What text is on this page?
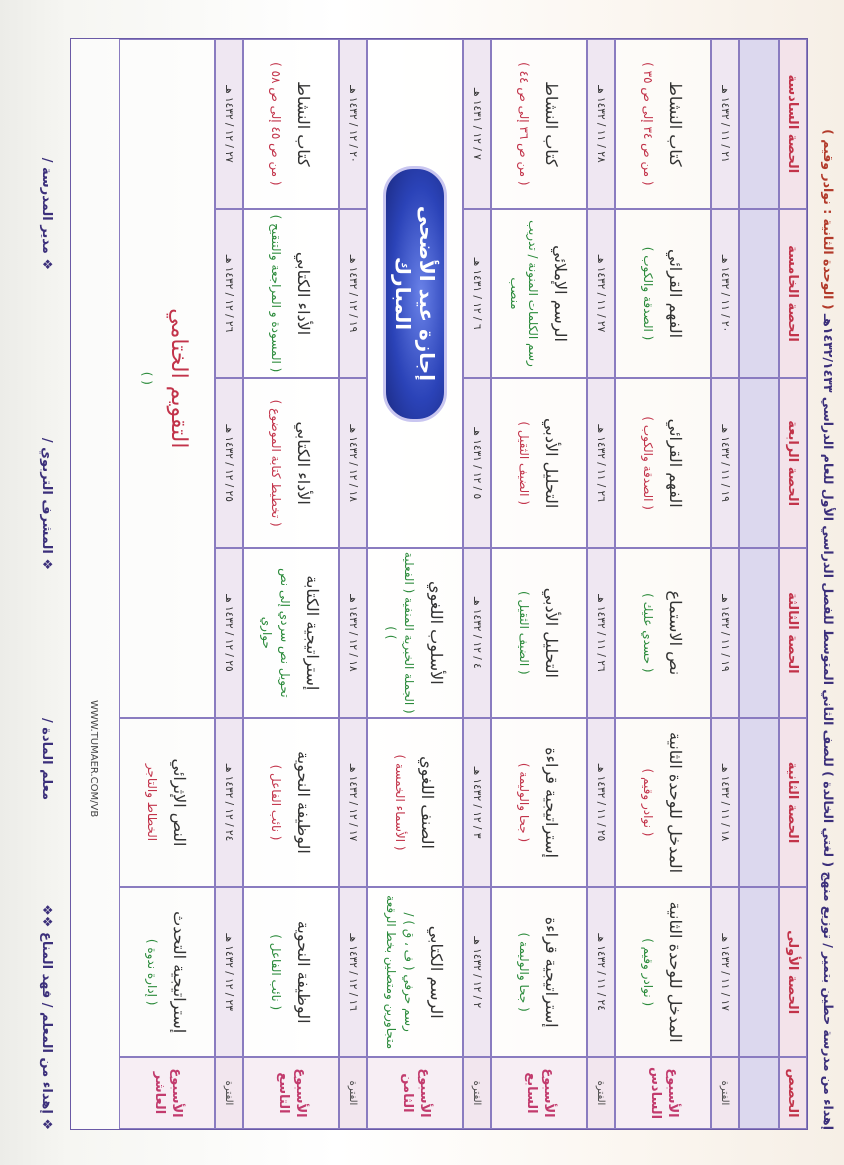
إهداء من مدرسة حطين بتمير / توزيع منهج ( لغتي الخالدة ) للصف الثاني المتوسط للفصل الدراسي الأول للعام الدراسي ١٤٣٢/١٤٣٣هـ ( الوحدة الثانية : نوادر وقيم )
الحصص
الحصة الأولى
الحصة الثانية
الحصة الثالثة
الحصة الرابعة
الحصة الخامسة
الحصة السادسة
الفترة
١٧ / ١١ / ١٤٣٢ هـ
١٨ / ١١ / ١٤٣٢ هـ
١٩ / ١١ / ١٤٣٢ هـ
١٩ / ١١ / ١٤٣٢ هـ
٢٠ / ١١ / ١٤٣٢ هـ
٢١ / ١١ / ١٤٣٢ هـ
الأسبوع السادس
المدخل للوحدة الثانية
( نوادر وقيم )
المدخل للوحدة الثانية
( نوادر وقيم )
نص الاستماع
( حسدي عليك )
الفهم القرائي
( الصدقة والكوب )
الفهم القرائي
( الصدقة والكوب )
كتاب النشاط
( من ص ٣٤ إلى ص ٣٥ )
الفترة
٢٤ / ١١ / ١٤٣٢ هـ
٢٥ / ١١ / ١٤٣٢ هـ
٢٦ / ١١ / ١٤٣٢ هـ
٢٦ / ١١ / ١٤٣٢ هـ
٢٧ / ١١ / ١٤٣٢ هـ
٢٨ / ١١ / ١٤٣٢ هـ
الأسبوع السابع
إستراتيجية قراءة
( جحا والوليمة )
إستراتيجية قراءة
( جحا والوليمة )
التحليل الأدبي
( الضيف الثقيل )
التحليل الأدبي
( الضيف الثقيل )
الرسم الإملائي
رسم الكلمات المنونة / تدريب منصب
كتاب النشاط
( من ص ٣٦ إلى ص ٤٤ )
الفترة
٢ / ١٢ / ١٤٣٢ هـ
٣ / ١٢ / ١٤٣٢ هـ
٤ / ١٢ / ١٤٣٢ هـ
٥ / ١٢ / ١٤٣١ هـ
٦ / ١٢ / ١٤٣١ هـ
٧ / ١٢ / ١٤٣١ هـ
الأسبوع الثامن
الرسم الكتابي
رسم حرفي ( ف ، ق ) / متجاورين ومتصلين بخط الرقعة
الصنف اللغوي
( الأسماء الخمسة )
الأسلوب اللغوي
( الجملة الخبرية المنفية ( الفعلية ) )
الفترة
١٦ / ١٢ / ١٤٣٢ هـ
١٧ / ١٢ / ١٤٣٢ هـ
١٨ / ١٢ / ١٤٣٢ هـ
١٨ / ١٢ / ١٤٣٢ هـ
١٩ / ١٢ / ١٤٣٢ هـ
٢٠ / ١٢ / ١٤٣٢ هـ
الأسبوع التاسع
الوظيفة النحوية
( نائب الفاعل )
الوظيفة النحوية
( نائب الفاعل )
إستراتيجية الكتابة
تحويل نص سردي إلى نص حواري
الأداء الكتابي
( تخطيط كتابة الموضوع )
الأداء الكتابي
( المسودة و المراجعة والتنقيح )
كتاب النشاط
( من ص ٤٥ إلى ص ٥٨ )
الفترة
٢٣ / ١٢ / ١٤٣٢ هـ
٢٤ / ١٢ / ١٤٣٢ هـ
٢٥ / ١٢ / ١٤٣٢ هـ
٢٥ / ١٢ / ١٤٣٢ هـ
٢٦ / ١٢ / ١٤٣٢ هـ
٢٧ / ١٢ / ١٤٣٢ هـ
الأسبوع العاشر
إستراتيجية التحدث
( إدارة ندوة )
النص الإثرائي
الخطاط والتاجر
إجازة عيد الأضحى المبارك
التقويم الختامي
( )
❖ إهداء من المعلم / فهد المناع ❖❖
معلم المادة /
❖ المشرف التربوي /
❖ مدير المدرسة /
WWW.TUMAER.COM/VB
